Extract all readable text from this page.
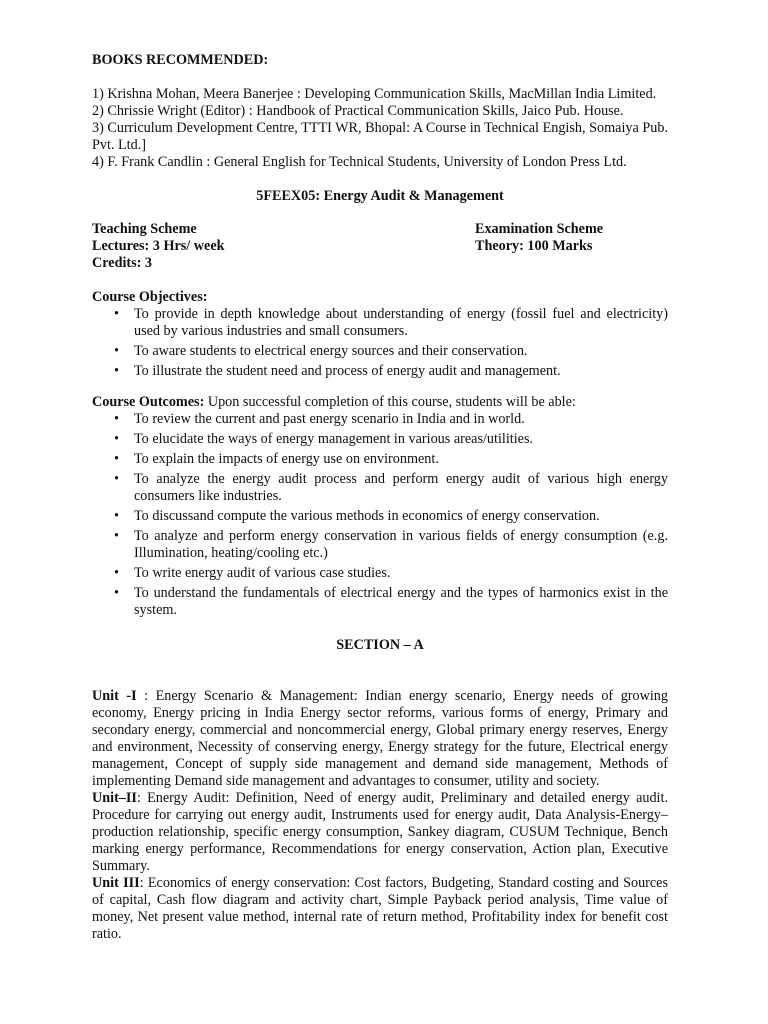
BOOKS RECOMMENDED:
1) Krishna Mohan, Meera Banerjee : Developing Communication Skills, MacMillan India Limited.
2) Chrissie Wright (Editor) : Handbook of Practical Communication Skills, Jaico Pub. House.
3) Curriculum Development Centre, TTTI WR, Bhopal: A Course in Technical Engish, Somaiya Pub. Pvt. Ltd.]
4) F. Frank Candlin : General English for Technical Students, University of London Press Ltd.
5FEEX05: Energy Audit & Management
Teaching Scheme
Lectures: 3 Hrs/ week
Credits: 3
Examination Scheme
Theory: 100 Marks
Course Objectives:
• To provide in depth knowledge about understanding of energy (fossil fuel and electricity) used by various industries and small consumers.
• To aware students to electrical energy sources and their conservation.
• To illustrate the student need and process of energy audit and management.
Course Outcomes: Upon successful completion of this course, students will be able:
• To review the current and past energy scenario in India and in world.
• To elucidate the ways of energy management in various areas/utilities.
• To explain the impacts of energy use on environment.
• To analyze the energy audit process and perform energy audit of various high energy consumers like industries.
• To discussand compute the various methods in economics of energy conservation.
• To analyze and perform energy conservation in various fields of energy consumption (e.g. Illumination, heating/cooling etc.)
• To write energy audit of various case studies.
• To understand the fundamentals of electrical energy and the types of harmonics exist in the system.
SECTION – A

Unit -I : Energy Scenario & Management: Indian energy scenario, Energy needs of growing economy, Energy pricing in India Energy sector reforms, various forms of energy, Primary and secondary energy, commercial and noncommercial energy, Global primary energy reserves, Energy and environment, Necessity of conserving energy, Energy strategy for the future, Electrical energy management, Concept of supply side management and demand side management, Methods of implementing Demand side management and advantages to consumer, utility and society.

Unit–II: Energy Audit: Definition, Need of energy audit, Preliminary and detailed energy audit. Procedure for carrying out energy audit, Instruments used for energy audit, Data Analysis-Energy–production relationship, specific energy consumption, Sankey diagram, CUSUM Technique, Bench marking energy performance, Recommendations for energy conservation, Action plan, Executive Summary.

Unit III: Economics of energy conservation: Cost factors, Budgeting, Standard costing and Sources of capital, Cash flow diagram and activity chart, Simple Payback period analysis, Time value of money, Net present value method, internal rate of return method, Profitability index for benefit cost ratio.
